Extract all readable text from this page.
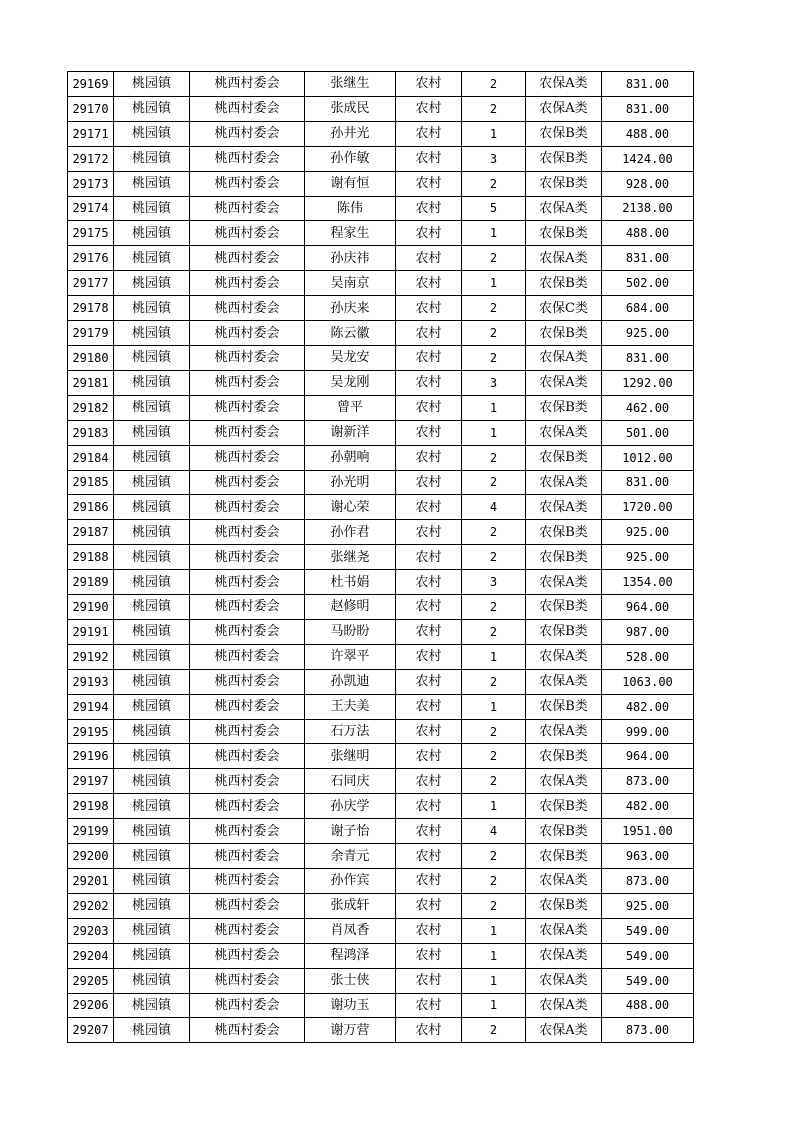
29169	桃园镇	桃西村委会	张继生	农村	2	农保A类	831.00
29170	桃园镇	桃西村委会	张成民	农村	2	农保A类	831.00
29171	桃园镇	桃西村委会	孙井光	农村	1	农保B类	488.00
29172	桃园镇	桃西村委会	孙作敏	农村	3	农保B类	1424.00
29173	桃园镇	桃西村委会	谢有恒	农村	2	农保B类	928.00
29174	桃园镇	桃西村委会	陈伟	农村	5	农保A类	2138.00
29175	桃园镇	桃西村委会	程家生	农村	1	农保B类	488.00
29176	桃园镇	桃西村委会	孙庆祎	农村	2	农保A类	831.00
29177	桃园镇	桃西村委会	吴南京	农村	1	农保B类	502.00
29178	桃园镇	桃西村委会	孙庆来	农村	2	农保C类	684.00
29179	桃园镇	桃西村委会	陈云徽	农村	2	农保B类	925.00
29180	桃园镇	桃西村委会	吴龙安	农村	2	农保A类	831.00
29181	桃园镇	桃西村委会	吴龙刚	农村	3	农保A类	1292.00
29182	桃园镇	桃西村委会	曾平	农村	1	农保B类	462.00
29183	桃园镇	桃西村委会	谢新洋	农村	1	农保A类	501.00
29184	桃园镇	桃西村委会	孙朝响	农村	2	农保B类	1012.00
29185	桃园镇	桃西村委会	孙光明	农村	2	农保A类	831.00
29186	桃园镇	桃西村委会	谢心荣	农村	4	农保A类	1720.00
29187	桃园镇	桃西村委会	孙作君	农村	2	农保B类	925.00
29188	桃园镇	桃西村委会	张继尧	农村	2	农保B类	925.00
29189	桃园镇	桃西村委会	杜书娟	农村	3	农保A类	1354.00
29190	桃园镇	桃西村委会	赵修明	农村	2	农保B类	964.00
29191	桃园镇	桃西村委会	马盼盼	农村	2	农保B类	987.00
29192	桃园镇	桃西村委会	许翠平	农村	1	农保A类	528.00
29193	桃园镇	桃西村委会	孙凯迪	农村	2	农保A类	1063.00
29194	桃园镇	桃西村委会	王夫美	农村	1	农保B类	482.00
29195	桃园镇	桃西村委会	石万法	农村	2	农保A类	999.00
29196	桃园镇	桃西村委会	张继明	农村	2	农保B类	964.00
29197	桃园镇	桃西村委会	石同庆	农村	2	农保A类	873.00
29198	桃园镇	桃西村委会	孙庆学	农村	1	农保B类	482.00
29199	桃园镇	桃西村委会	谢子怡	农村	4	农保B类	1951.00
29200	桃园镇	桃西村委会	余青元	农村	2	农保B类	963.00
29201	桃园镇	桃西村委会	孙作宾	农村	2	农保A类	873.00
29202	桃园镇	桃西村委会	张成轩	农村	2	农保B类	925.00
29203	桃园镇	桃西村委会	肖凤香	农村	1	农保A类	549.00
29204	桃园镇	桃西村委会	程鸿泽	农村	1	农保A类	549.00
29205	桃园镇	桃西村委会	张士侠	农村	1	农保A类	549.00
29206	桃园镇	桃西村委会	谢功玉	农村	1	农保A类	488.00
29207	桃园镇	桃西村委会	谢万营	农村	2	农保A类	873.00
